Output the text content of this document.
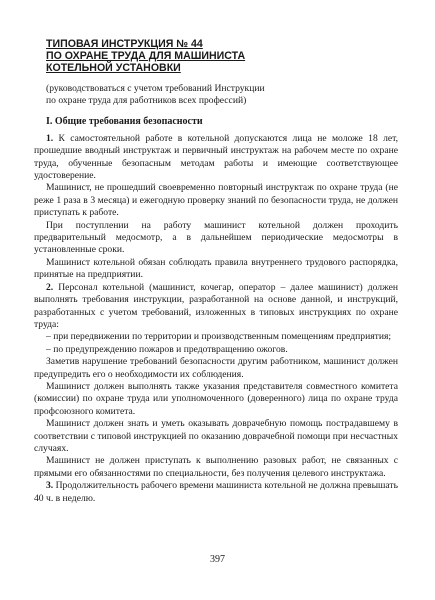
ТИПОВАЯ ИНСТРУКЦИЯ № 44
ПО ОХРАНЕ ТРУДА ДЛЯ МАШИНИСТА
КОТЕЛЬНОЙ УСТАНОВКИ
(руководствоваться с учетом требований Инструкции
по охране труда для работников всех профессий)
I. Общие требования безопасности

1. К самостоятельной работе в котельной допускаются лица не моложе 18 лет, прошедшие вводный инструктаж и первичный инструктаж на рабочем месте по охране труда, обученные безопасным методам работы и имеющие соответствующее удостоверение.

Машинист, не прошедший своевременно повторный инструктаж по охране труда (не реже 1 раза в 3 месяца) и ежегодную проверку знаний по безопасности труда, не должен приступать к работе.

При поступлении на работу машинист котельной должен проходить предварительный медосмотр, а в дальнейшем периодические медосмотры в установленные сроки.

Машинист котельной обязан соблюдать правила внутреннего трудового распорядка, принятые на предприятии.

2. Персонал котельной (машинист, кочегар, оператор – далее машинист) должен выполнять требования инструкции, разработанной на основе данной, и инструкций, разработанных с учетом требований, изложенных в типовых инструкциях по охране труда:

– при передвижении по территории и производственным помещениям предприятия;

– по предупреждению пожаров и предотвращению ожогов.

Заметив нарушение требований безопасности другим работником, машинист должен предупредить его о необходимости их соблюдения.

Машинист должен выполнять также указания представителя совместного комитета (комиссии) по охране труда или уполномоченного (доверенного) лица по охране труда профсоюзного комитета.

Машинист должен знать и уметь оказывать доврачебную помощь пострадавшему в соответствии с типовой инструкцией по оказанию доврачебной помощи при несчастных случаях.

Машинист не должен приступать к выполнению разовых работ, не связанных с прямыми его обязанностями по специальности, без получения целевого инструктажа.

3. Продолжительность рабочего времени машиниста котельной не должна превышать 40 ч. в неделю.

397
